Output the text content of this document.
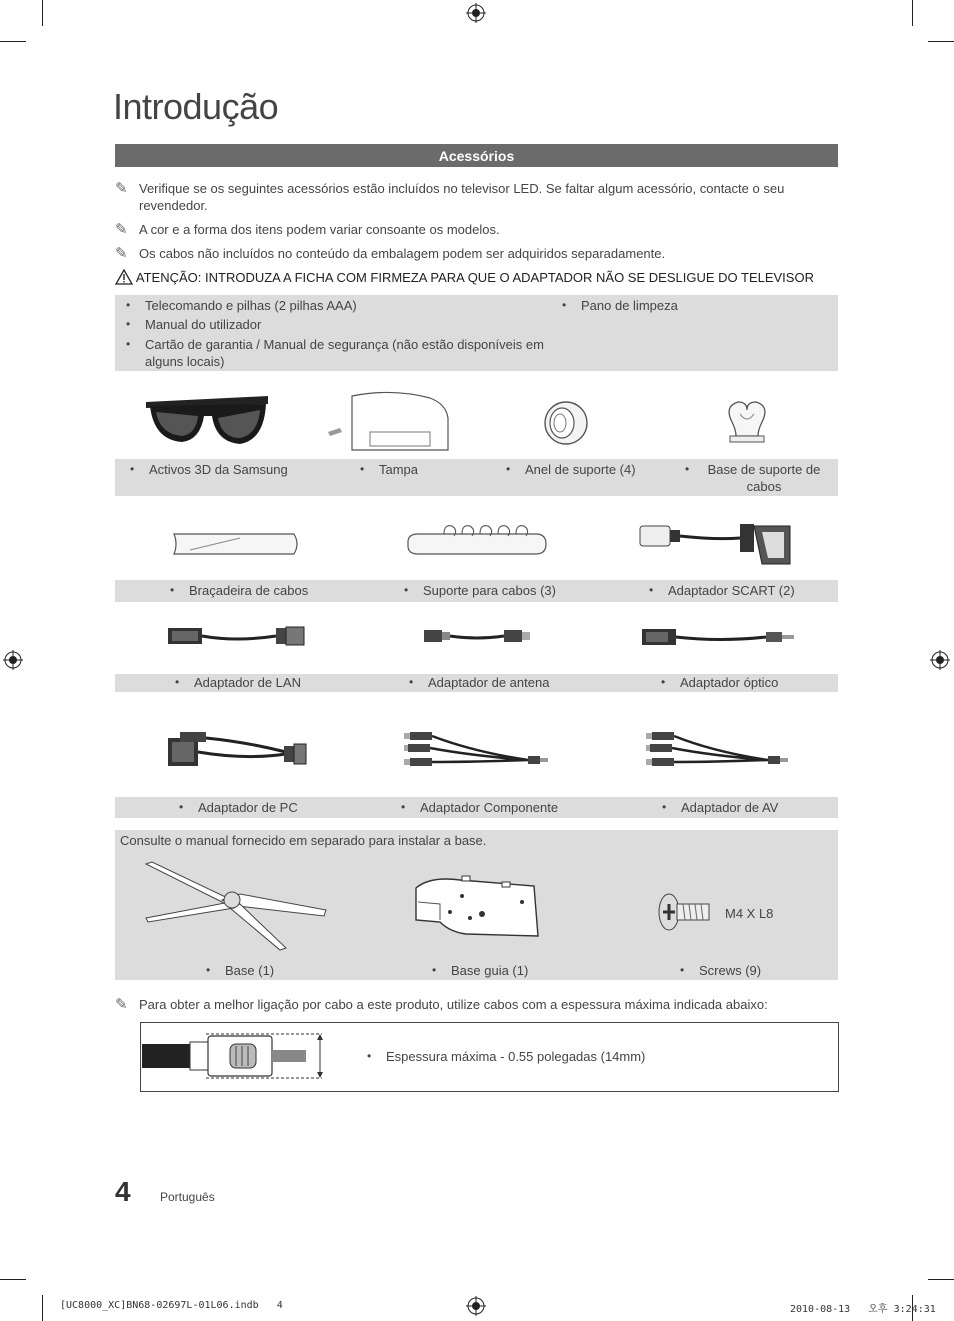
Introdução
Acessórios
✎ Verifique se os seguintes acessórios estão incluídos no televisor LED. Se faltar algum acessório, contacte o seu revendedor.
✎ A cor e a forma dos itens podem variar consoante os modelos.
✎ Os cabos não incluídos no conteúdo da embalagem podem ser adquiridos separadamente.
ATENÇÃO: INTRODUZA A FICHA COM FIRMEZA PARA QUE O ADAPTADOR NÃO SE DESLIGUE DO TELEVISOR
• Telecomando e pilhas (2 pilhas AAA)
• Manual do utilizador
• Cartão de garantia / Manual de segurança (não estão disponíveis em alguns locais)
• Pano de limpeza
• Activos 3D da Samsung	• Tampa	• Anel de suporte (4)	• Base de suporte de cabos
• Braçadeira de cabos	• Suporte para cabos (3)	• Adaptador SCART (2)
• Adaptador de LAN	• Adaptador de antena	• Adaptador óptico
• Adaptador de PC	• Adaptador Componente	• Adaptador de AV
Consulte o manual fornecido em separado para instalar a base.
M4 X L8
• Base (1)	• Base guia (1)	• Screws (9)
✎ Para obter a melhor ligação por cabo a este produto, utilize cabos com a espessura máxima indicada abaixo:
• Espessura máxima - 0.55 polegadas (14mm)
4 Português
[UC8000_XC]BN68-02697L-01L06.indb   4	2010-08-13   오후 3:24:31
